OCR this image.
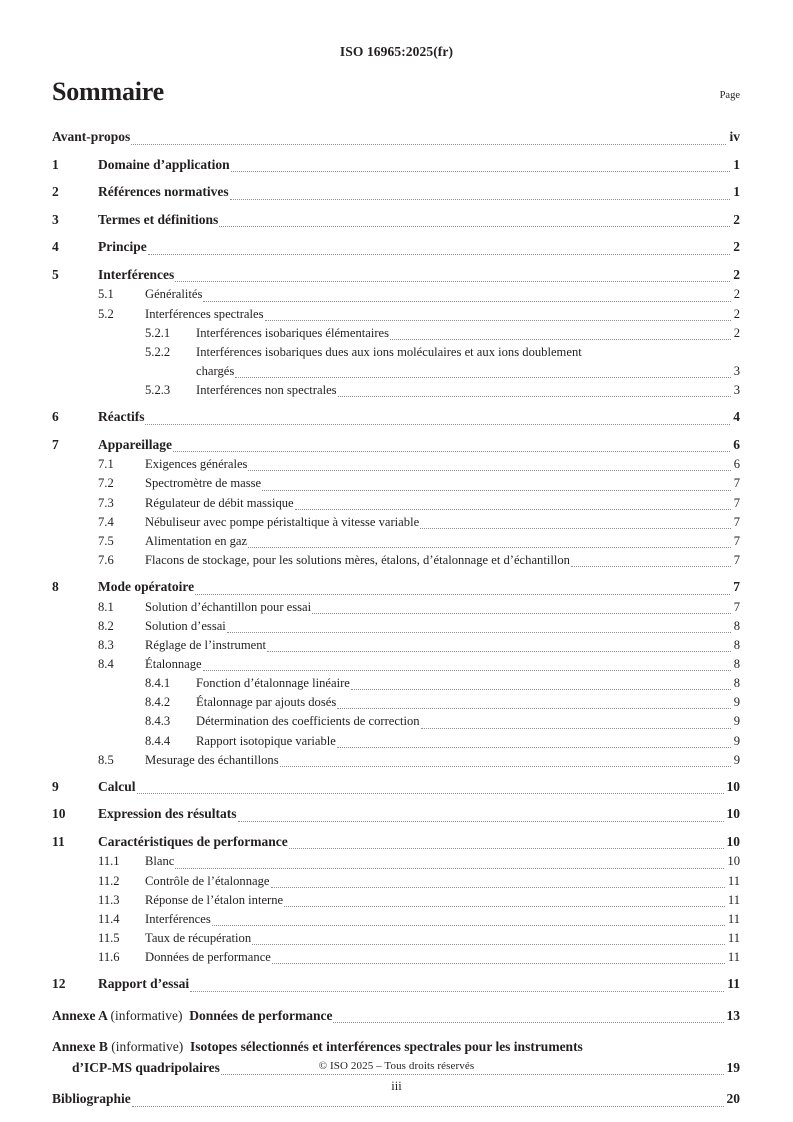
ISO 16965:2025(fr)
Sommaire	Page
Avant-propos	iv
1	Domaine d’application	1
2	Références normatives	1
3	Termes et définitions	2
4	Principe	2
5	Interférences	2
5.1	Généralités	2
5.2	Interférences spectrales	2
5.2.1	Interférences isobariques élémentaires	2
5.2.2	Interférences isobariques dues aux ions moléculaires et aux ions doublement
chargés	3
5.2.3	Interférences non spectrales	3
6	Réactifs	4
7	Appareillage	6
7.1	Exigences générales	6
7.2	Spectromètre de masse	7
7.3	Régulateur de débit massique	7
7.4	Nébuliseur avec pompe péristaltique à vitesse variable	7
7.5	Alimentation en gaz	7
7.6	Flacons de stockage, pour les solutions mères, étalons, d’étalonnage et d’échantillon	7
8	Mode opératoire	7
8.1	Solution d’échantillon pour essai	7
8.2	Solution d’essai	8
8.3	Réglage de l’instrument	8
8.4	Étalonnage	8
8.4.1	Fonction d’étalonnage linéaire	8
8.4.2	Étalonnage par ajouts dosés	9
8.4.3	Détermination des coefficients de correction	9
8.4.4	Rapport isotopique variable	9
8.5	Mesurage des échantillons	9
9	Calcul	10
10	Expression des résultats	10
11	Caractéristiques de performance	10
11.1	Blanc	10
11.2	Contrôle de l’étalonnage	11
11.3	Réponse de l’étalon interne	11
11.4	Interférences	11
11.5	Taux de récupération	11
11.6	Données de performance	11
12	Rapport d’essai	11
Annexe A (informative) Données de performance	13
Annexe B (informative) Isotopes sélectionnés et interférences spectrales pour les instruments
d’ICP-MS quadripolaires	19
Bibliographie	20
© ISO 2025 – Tous droits réservés
iii
